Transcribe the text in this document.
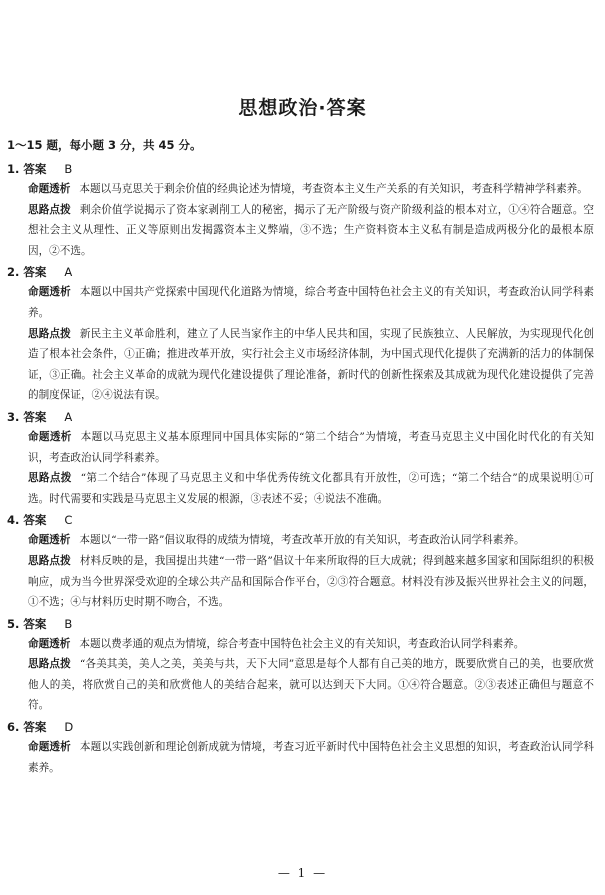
思想政治·答案
1～15 题，每小题 3 分，共 45 分。
1. 答案 B
命题透析 本题以马克思关于剩余价值的经典论述为情境，考查资本主义生产关系的有关知识，考查科学精神学科素养。
思路点拨 剩余价值学说揭示了资本家剥削工人的秘密，揭示了无产阶级与资产阶级利益的根本对立，①④符合题意。空想社会主义从理性、正义等原则出发揭露资本主义弊端，③不选；生产资料资本主义私有制是造成两极分化的最根本原因，②不选。
2. 答案 A
命题透析 本题以中国共产党探索中国现代化道路为情境，综合考查中国特色社会主义的有关知识，考查政治认同学科素养。
思路点拨 新民主主义革命胜利，建立了人民当家作主的中华人民共和国，实现了民族独立、人民解放，为实现现代化创造了根本社会条件，①正确；推进改革开放，实行社会主义市场经济体制，为中国式现代化提供了充满新的活力的体制保证，③正确。社会主义革命的成就为现代化建设提供了理论准备，新时代的创新性探索及其成就为现代化建设提供了完善的制度保证，②④说法有误。
3. 答案 A
命题透析 本题以马克思主义基本原理同中国具体实际的“第二个结合”为情境，考查马克思主义中国化时代化的有关知识，考查政治认同学科素养。
思路点拨 “第二个结合”体现了马克思主义和中华优秀传统文化都具有开放性，②可选；“第二个结合”的成果说明①可选。时代需要和实践是马克思主义发展的根源，③表述不妥；④说法不准确。
4. 答案 C
命题透析 本题以“一带一路”倡议取得的成绩为情境，考查改革开放的有关知识，考查政治认同学科素养。
思路点拨 材料反映的是，我国提出共建“一带一路”倡议十年来所取得的巨大成就；得到越来越多国家和国际组织的积极响应，成为当今世界深受欢迎的全球公共产品和国际合作平台，②③符合题意。材料没有涉及振兴世界社会主义的问题，①不选；④与材料历史时期不吻合，不选。
5. 答案 B
命题透析 本题以费孝通的观点为情境，综合考查中国特色社会主义的有关知识，考查政治认同学科素养。
思路点拨 “各美其美，美人之美，美美与共，天下大同”意思是每个人都有自己美的地方，既要欣赏自己的美，也要欣赏他人的美，将欣赏自己的美和欣赏他人的美结合起来，就可以达到天下大同。①④符合题意。②③表述正确但与题意不符。
6. 答案 D
命题透析 本题以实践创新和理论创新成就为情境，考查习近平新时代中国特色社会主义思想的知识，考查政治认同学科素养。
— 1 —
